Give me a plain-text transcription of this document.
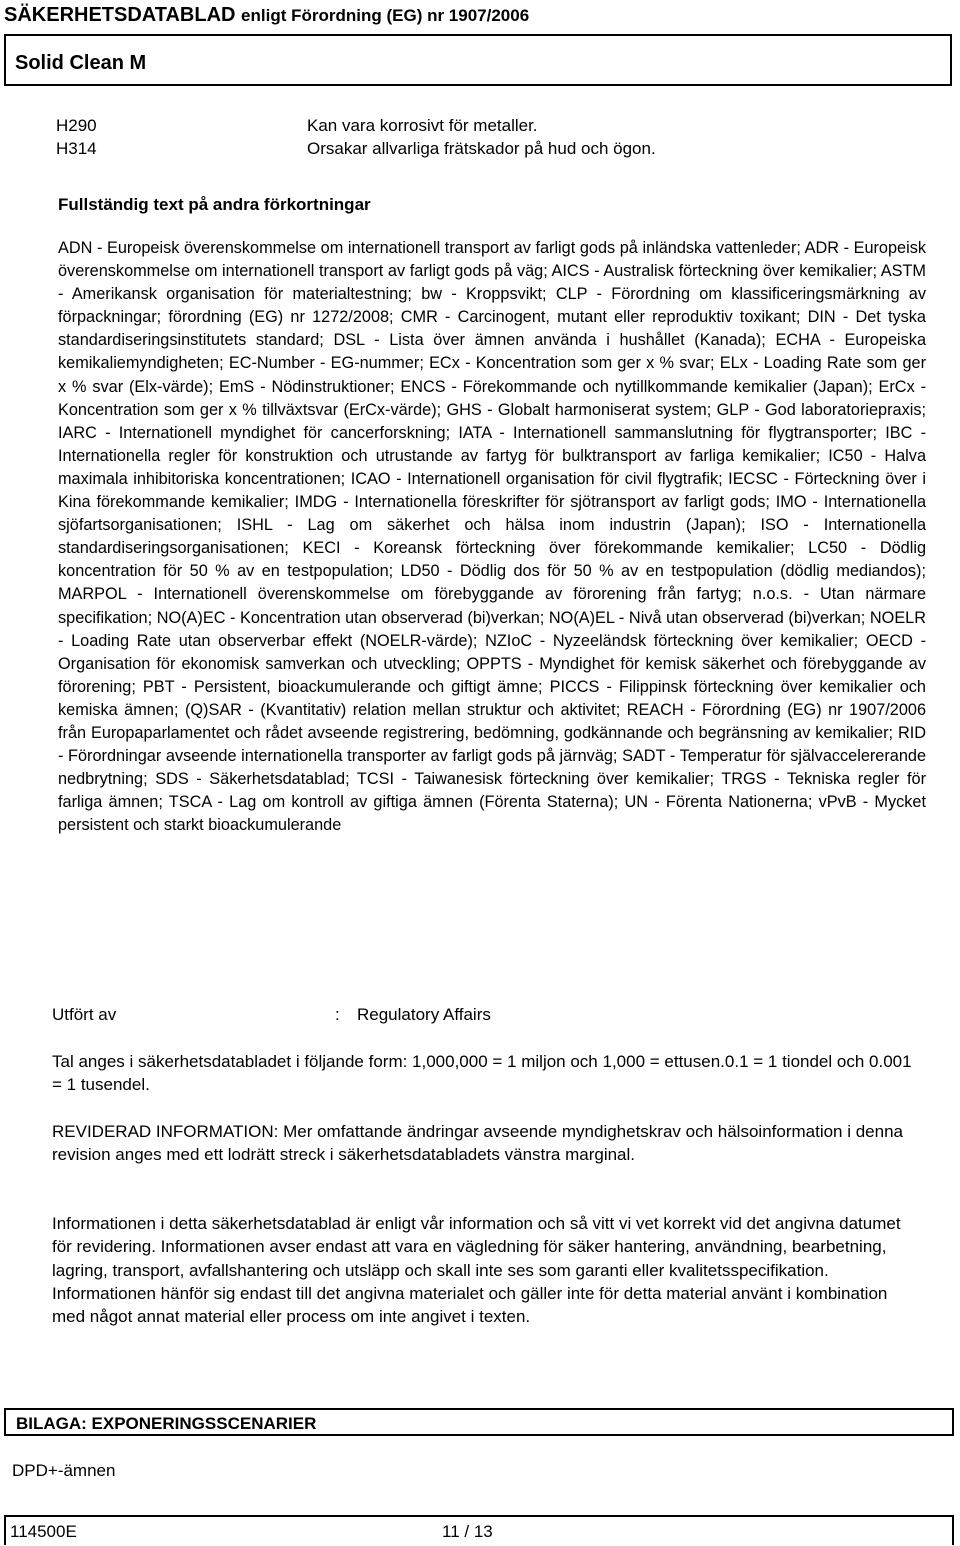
SÄKERHETSDATABLAD enligt Förordning (EG) nr 1907/2006
Solid Clean M
H290	Kan vara korrosivt för metaller.
H314	Orsakar allvarliga frätskador på hud och ögon.
Fullständig text på andra förkortningar
ADN - Europeisk överenskommelse om internationell transport av farligt gods på inländska vattenleder; ADR - Europeisk överenskommelse om internationell transport av farligt gods på väg; AICS - Australisk förteckning över kemikalier; ASTM - Amerikansk organisation för materialtestning; bw - Kroppsvikt; CLP - Förordning om klassificeringsmärkning av förpackningar; förordning (EG) nr 1272/2008; CMR - Carcinogent, mutant eller reproduktiv toxikant; DIN - Det tyska standardiseringsinstitutets standard; DSL - Lista över ämnen använda i hushållet (Kanada); ECHA - Europeiska kemikaliemyndigheten; EC-Number - EG-nummer; ECx - Koncentration som ger x % svar; ELx - Loading Rate som ger x % svar (Elx-värde); EmS - Nödinstruktioner; ENCS - Förekommande och nytillkommande kemikalier (Japan); ErCx - Koncentration som ger x % tillväxtsvar (ErCx-värde); GHS - Globalt harmoniserat system; GLP - God laboratoriepraxis; IARC - Internationell myndighet för cancerforskning; IATA - Internationell sammanslutning för flygtransporter; IBC - Internationella regler för konstruktion och utrustande av fartyg för bulktransport av farliga kemikalier; IC50 - Halva maximala inhibitoriska koncentrationen; ICAO - Internationell organisation för civil flygtrafik; IECSC - Förteckning över i Kina förekommande kemikalier; IMDG - Internationella föreskrifter för sjötransport av farligt gods; IMO - Internationella sjöfartsorganisationen; ISHL - Lag om säkerhet och hälsa inom industrin (Japan); ISO - Internationella standardiseringsorganisationen; KECI - Koreansk förteckning över förekommande kemikalier; LC50 - Dödlig koncentration för 50 % av en testpopulation; LD50 - Dödlig dos för 50 % av en testpopulation (dödlig mediandos); MARPOL - Internationell överenskommelse om förebyggande av förorening från fartyg; n.o.s. - Utan närmare specifikation; NO(A)EC - Koncentration utan observerad (bi)verkan; NO(A)EL - Nivå utan observerad (bi)verkan; NOELR - Loading Rate utan observerbar effekt (NOELR-värde); NZIoC - Nyzeeländsk förteckning över kemikalier; OECD - Organisation för ekonomisk samverkan och utveckling; OPPTS - Myndighet för kemisk säkerhet och förebyggande av förorening; PBT - Persistent, bioackumulerande och giftigt ämne; PICCS - Filippinsk förteckning över kemikalier och kemiska ämnen; (Q)SAR - (Kvantitativ) relation mellan struktur och aktivitet; REACH - Förordning (EG) nr 1907/2006 från Europaparlamentet och rådet avseende registrering, bedömning, godkännande och begränsning av kemikalier; RID - Förordningar avseende internationella transporter av farligt gods på järnväg; SADT - Temperatur för självaccelererande nedbrytning; SDS - Säkerhetsdatablad; TCSI - Taiwanesisk förteckning över kemikalier; TRGS - Tekniska regler för farliga ämnen; TSCA - Lag om kontroll av giftiga ämnen (Förenta Staterna); UN - Förenta Nationerna; vPvB - Mycket persistent och starkt bioackumulerande
Utfört av	: Regulatory Affairs
Tal anges i säkerhetsdatabladet i följande form: 1,000,000 = 1 miljon och 1,000 = ettusen.0.1 = 1 tiondel och 0.001 = 1 tusendel.
REVIDERAD INFORMATION: Mer omfattande ändringar avseende myndighetskrav och hälsoinformation i denna revision anges med ett lodrätt streck i säkerhetsdatabladets vänstra marginal.
Informationen i detta säkerhetsdatablad är enligt vår information och så vitt vi vet korrekt vid det angivna datumet för revidering. Informationen avser endast att vara en vägledning för säker hantering, användning, bearbetning, lagring, transport, avfallshantering och utsläpp och skall inte ses som garanti eller kvalitetsspecifikation. Informationen hänför sig endast till det angivna materialet och gäller inte för detta material använt i kombination med något annat material eller process om inte angivet i texten.
BILAGA: EXPONERINGSSCENARIER
DPD+-ämnen
114500E	11 / 13
